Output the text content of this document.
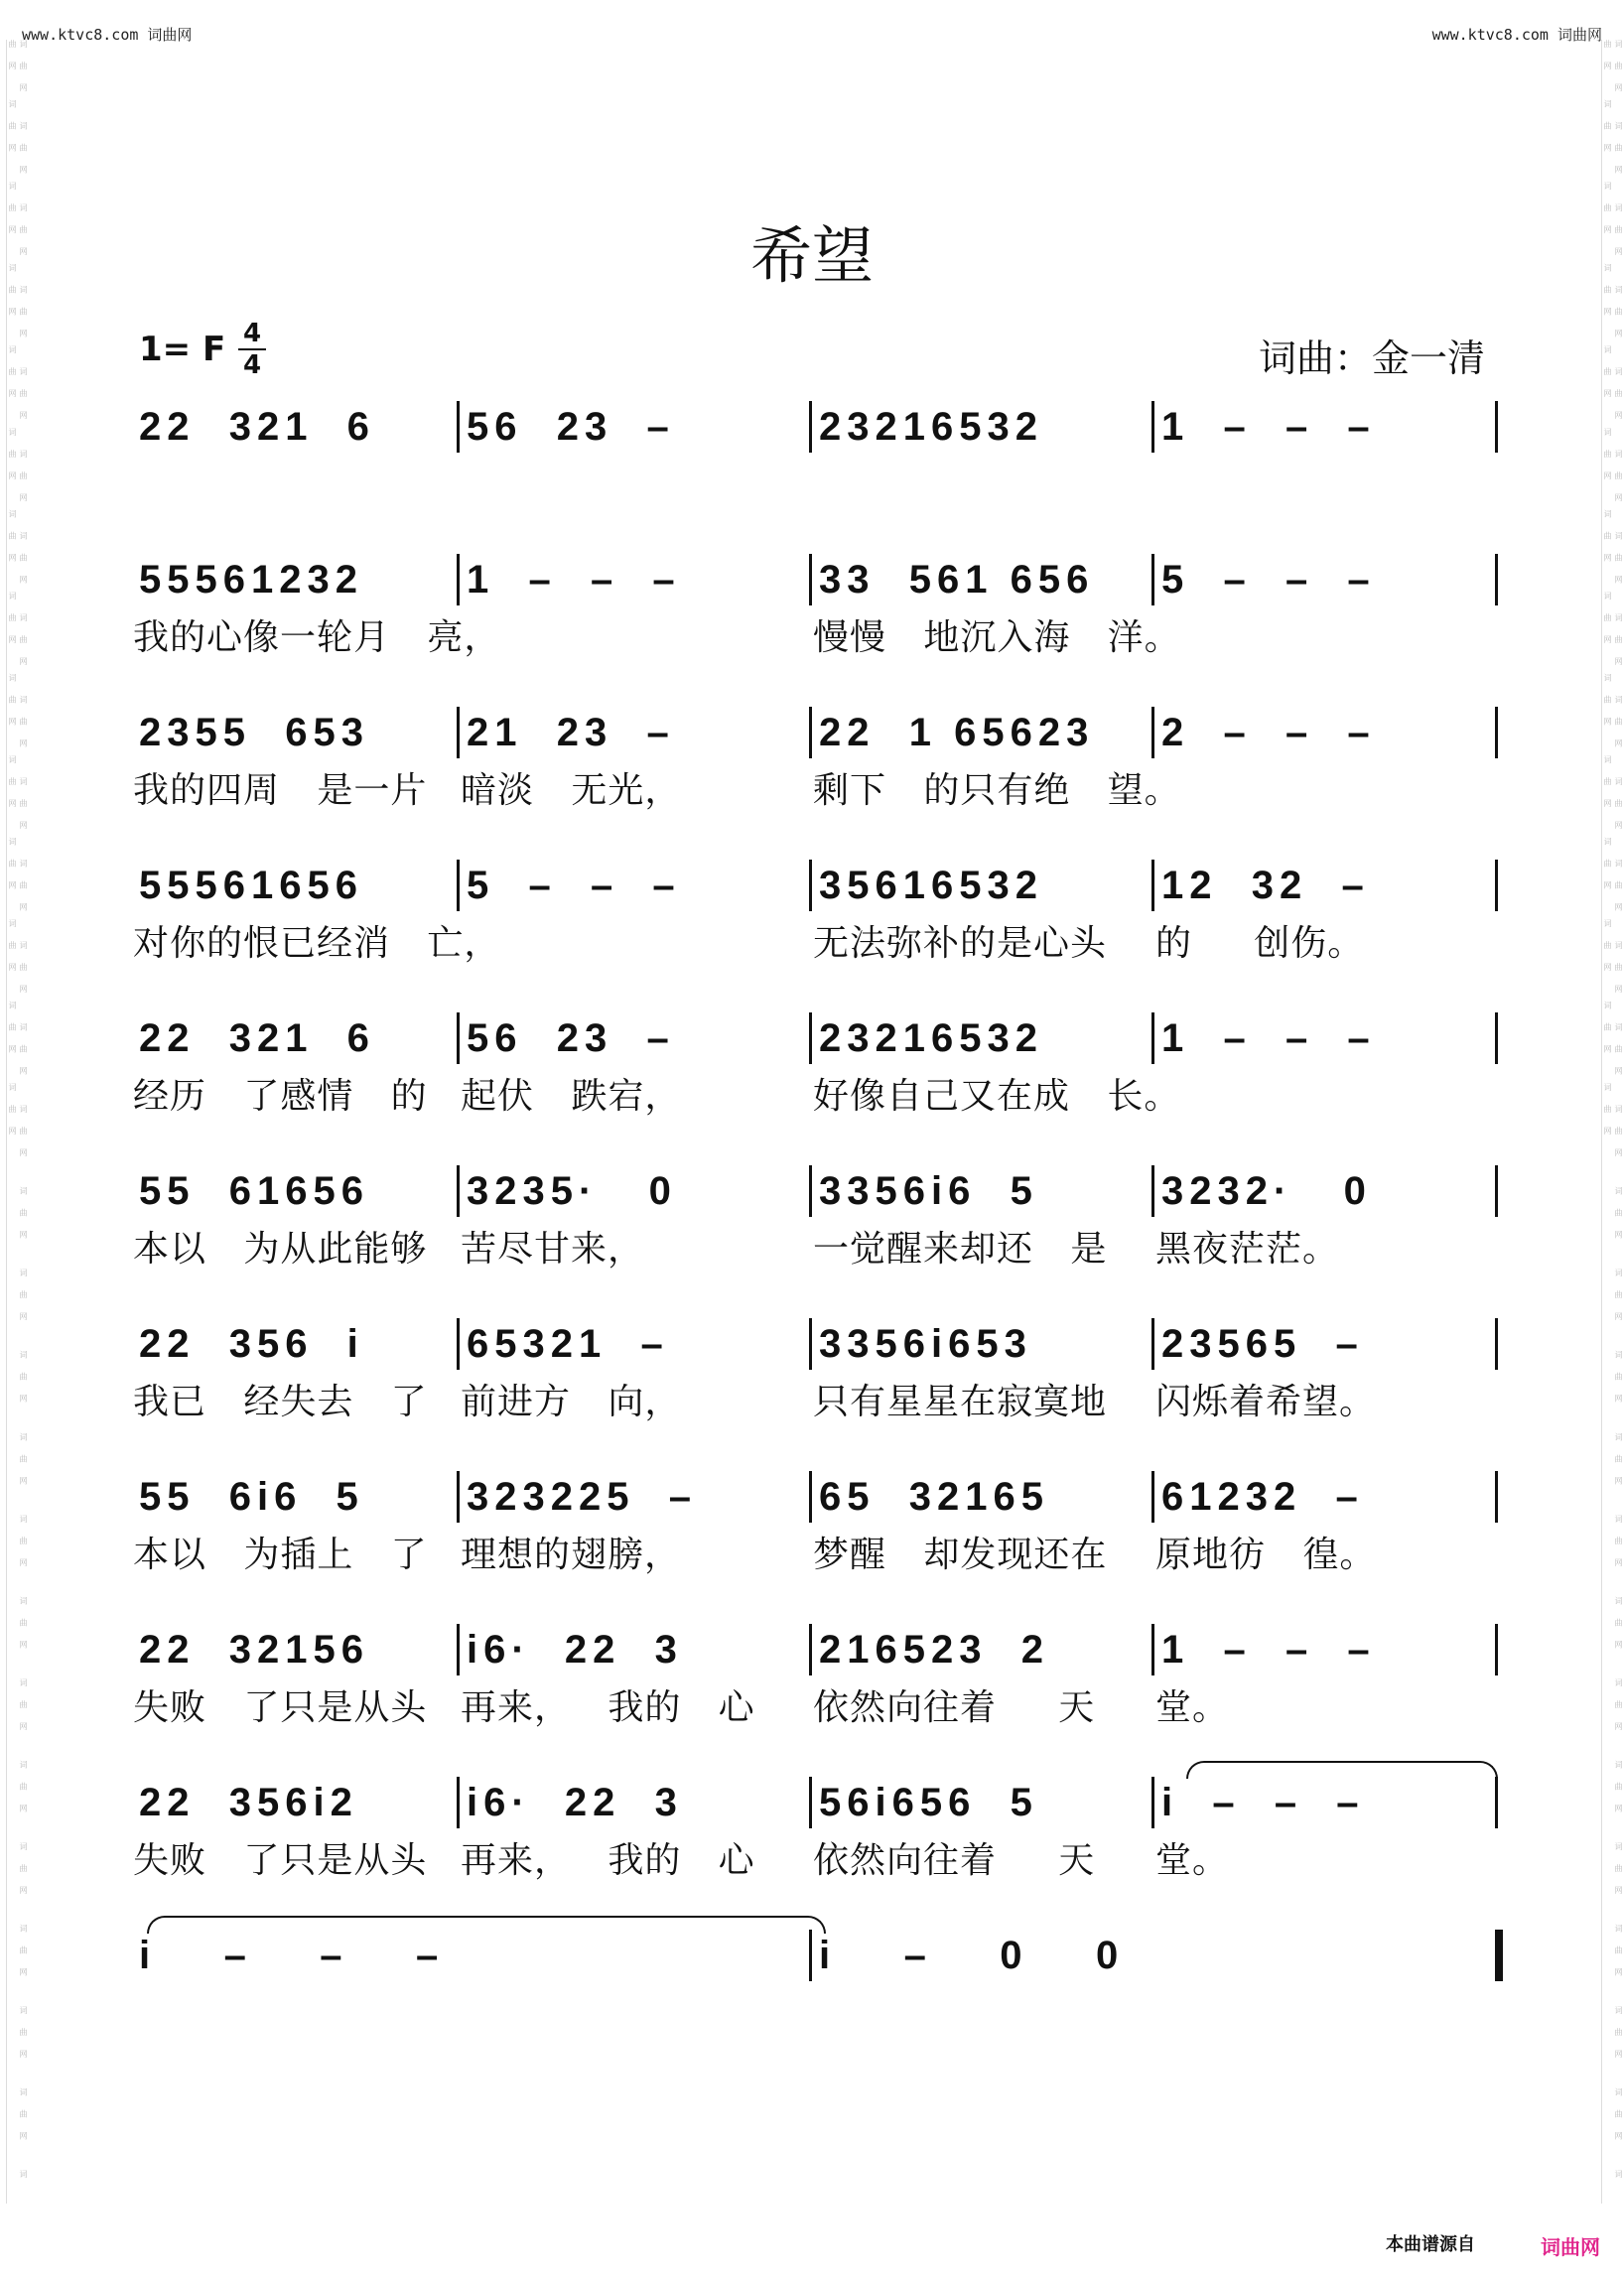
www.ktvc8.com 词曲网	www.ktvc8.com 词曲网
词曲网 词曲网 词曲网 词曲网 词曲网 词曲网 词曲网 词曲网 词曲网 词曲网 词曲网 词曲网 词曲网 词曲网 词曲网 词曲网 词曲网 词曲网 词曲网 词曲网 词曲网 词曲网 词曲网 词曲网 词曲网 词曲网 词曲网 词曲网 词曲网 词曲网 词曲网 词曲网 词曲网 词曲网 词曲网 词曲网 词曲网 词曲网 词曲网 词曲网	词曲网 词曲网 词曲网 词曲网 词曲网 词曲网 词曲网 词曲网 词曲网 词曲网 词曲网 词曲网 词曲网 词曲网 词曲网 词曲网 词曲网 词曲网 词曲网 词曲网 词曲网 词曲网 词曲网 词曲网 词曲网 词曲网 词曲网 词曲网 词曲网 词曲网 词曲网 词曲网 词曲网 词曲网 词曲网 词曲网 词曲网 词曲网 词曲网 词曲网
希望
1= F 4
4	词曲：金一清
22  321  6 56  23  –	23216532	1  –  –  –
55561232	1  –  –  –	33  561 656 5  –  –  –
我的心像一轮月   亮，	慢慢   地沉入海   洋。
2355  653 21  23  –	22  1 65623 2  –  –  –
我的四周   是一片 暗淡   无光，	剩下   的只有绝   望。
55561656	5  –  –  –	35616532	12  32  –
对你的恨已经消   亡，	无法弥补的是心头 的     创伤。
22  321  6 56  23  –	23216532	1  –  –  –
经历   了感情   的 起伏   跌宕，	好像自己又在成   长。
55  61656 3235·   0	3356i6  5	3232·   0
本以   为从此能够 苦尽甘来，	一觉醒来却还   是 黑夜茫茫。
22  356  i	65321  –	3356i653	23565  –
我已   经失去   了 前进方   向，	只有星星在寂寞地 闪烁着希望。
55  6i6  5	323225  –	65  32165	61232  –
本以   为插上   了 理想的翅膀，	梦醒   却发现还在 原地彷   徨。
22  32156 i6·  22  3	216523  2	1  –  –  –
失败   了只是从头 再来，   我的   心 依然向往着     天 堂。
22  356i2	i6·  22  3	56i656  5	i  –  –  –
失败   了只是从头 再来，   我的   心 依然向往着     天 堂。
i    –    –    –	i    –    0    0
本曲谱源自	词曲网
